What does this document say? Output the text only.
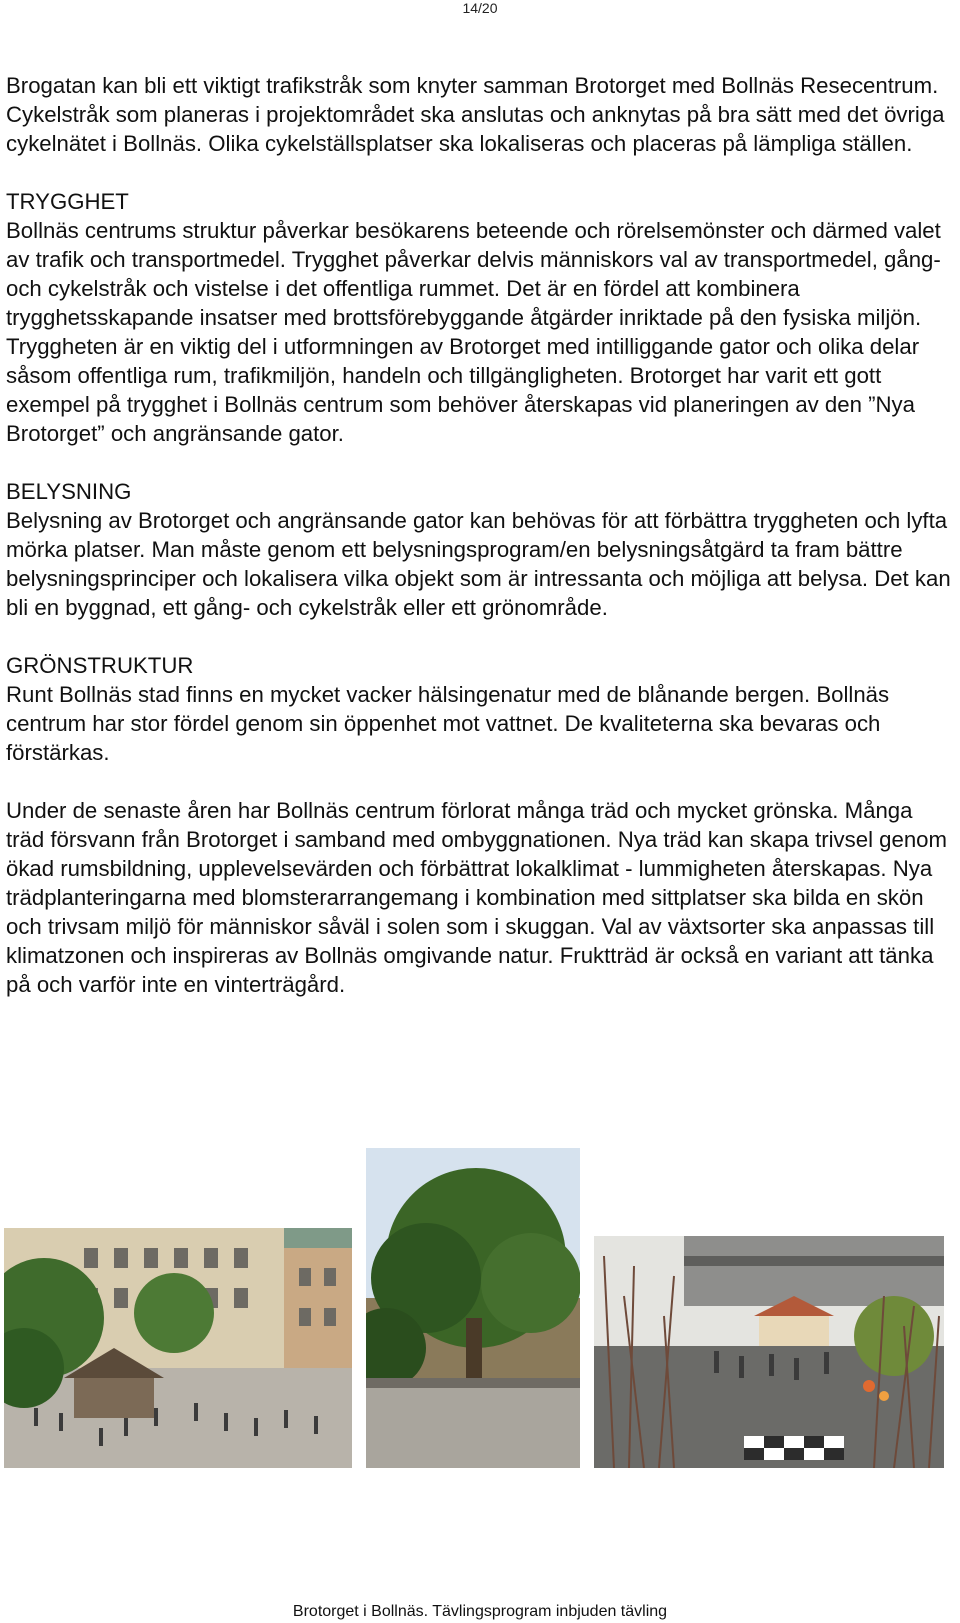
14/20

Brogatan kan bli ett viktigt trafikstråk som knyter samman Brotorget med Bollnäs Resecentrum. Cykelstråk som planeras i projektområdet ska anslutas och anknytas på bra sätt med det övriga cykelnätet i Bollnäs. Olika cykelställsplatser ska lokaliseras och placeras på lämpliga ställen.

TRYGGHET

Bollnäs centrums struktur påverkar besökarens beteende och rörelsemönster och därmed valet av trafik och transportmedel. Trygghet påverkar delvis människors val av transportmedel, gång- och cykelstråk och vistelse i det offentliga rummet. Det är en fördel att kombinera trygghetsskapande insatser med brottsförebyggande åtgärder inriktade på den fysiska miljön. Tryggheten är en viktig del i utformningen av Brotorget med intilliggande gator och olika delar såsom offentliga rum, trafikmiljön, handeln och tillgängligheten. Brotorget har varit ett gott exempel på trygghet i Bollnäs centrum som behöver återskapas vid planeringen av den ”Nya Brotorget” och angränsande gator.

BELYSNING

Belysning av Brotorget och angränsande gator kan behövas för att förbättra tryggheten och lyfta mörka platser. Man måste genom ett belysningsprogram/en belysningsåtgärd ta fram bättre belysningsprinciper och lokalisera vilka objekt som är intressanta och möjliga att belysa. Det kan bli en byggnad, ett gång- och cykelstråk eller ett grönområde.

GRÖNSTRUKTUR

Runt Bollnäs stad finns en mycket vacker hälsingenatur med de blånande bergen. Bollnäs centrum har stor fördel genom sin öppenhet mot vattnet. De kvaliteterna ska bevaras och förstärkas.

Under de senaste åren har Bollnäs centrum förlorat många träd och mycket grönska. Många träd försvann från Brotorget i samband med ombyggnationen. Nya träd kan skapa trivsel genom ökad rumsbildning, upplevelsevärden och förbättrat lokalklimat - lummigheten återskapas. Nya trädplanteringarna med blomsterarrangemang i kombination med sittplatser ska bilda en skön och trivsam miljö för människor såväl i solen som i skuggan. Val av växtsorter ska anpassas till klimatzonen och inspireras av Bollnäs omgivande natur. Fruktträd är också en variant att tänka på och varför inte en vinterträgård.

Brotorget i Bollnäs. Tävlingsprogram inbjuden tävling
